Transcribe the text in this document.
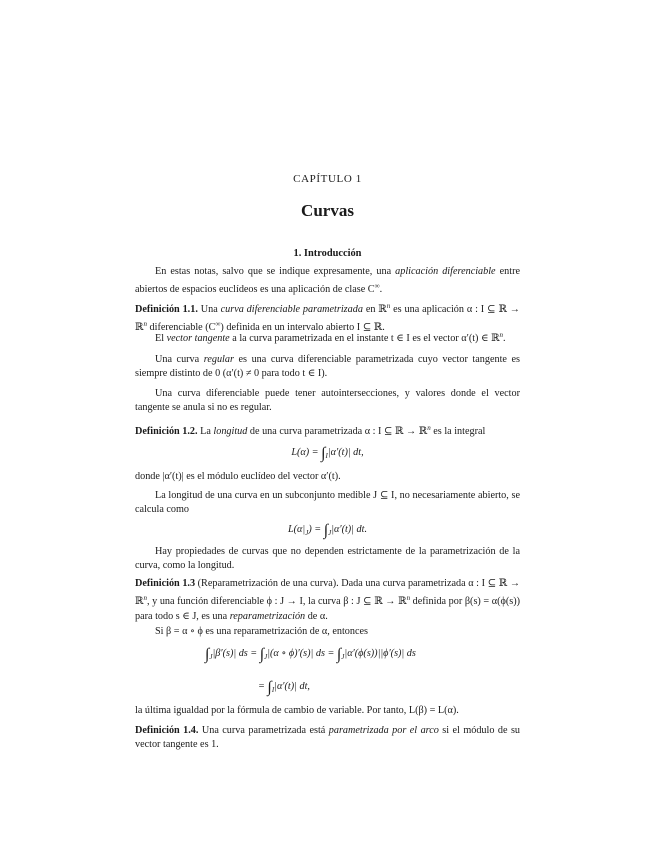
CAPÍTULO 1
Curvas
1. Introducción

En estas notas, salvo que se indique expresamente, una aplicación diferenciable entre abiertos de espacios euclídeos es una aplicación de clase C∞.

Definición 1.1. Una curva diferenciable parametrizada en ℝ$^n$ es una aplicación α : I ⊆ ℝ → ℝ$^n$ diferenciable (C∞) definida en un intervalo abierto I ⊆ ℝ.

El vector tangente a la curva parametrizada en el instante t ∈ I es el vector α′(t) ∈ ℝ$^n$.

Una curva regular es una curva diferenciable parametrizada cuyo vector tangente es siempre distinto de 0 (α′(t) ≠ 0 para todo t ∈ I).

Una curva diferenciable puede tener autointersecciones, y valores donde el vector tangente se anula si no es regular.

Definición 1.2. La longitud de una curva parametrizada α : I ⊆ ℝ → ℝ$^n$ es la integral

$L(\alpha) = \int_I|\alpha'(t)|$ dt,

donde |α′(t)| es el módulo euclídeo del vector α′(t).

La longitud de una curva en un subconjunto medible J ⊆ I, no necesariamente abierto, se calcula como

$L(\alpha|_J) = \int_J|\alpha'(t)|$ dt.

Hay propiedades de curvas que no dependen estrictamente de la parametrización de la curva, como la longitud.

Definición 1.3 (Reparametrización de una curva). Dada una curva parametrizada α : I ⊆ ℝ → ℝ$^n$, y una función diferenciable ϕ : J → I, la curva β : J ⊆ ℝ → ℝ$^n$ definida por β(s) = α(ϕ(s)) para todo s ∈ J, es una reparametrización de α.

Si β = α ∘ ϕ es una reparametrización de α, entonces

$\int_J|\beta'(s)|$ ds = $\int_J|(\alpha$ ∘ ϕ)′(s)| ds = $\int_J|\alpha'(\phi(s))||\phi'(s)|$ ds
= $\int_I|\alpha'(t)|$ dt,

la última igualdad por la fórmula de cambio de variable. Por tanto, L(β) = L(α).

Definición 1.4. Una curva parametrizada está parametrizada por el arco si el módulo de su vector tangente es 1.
